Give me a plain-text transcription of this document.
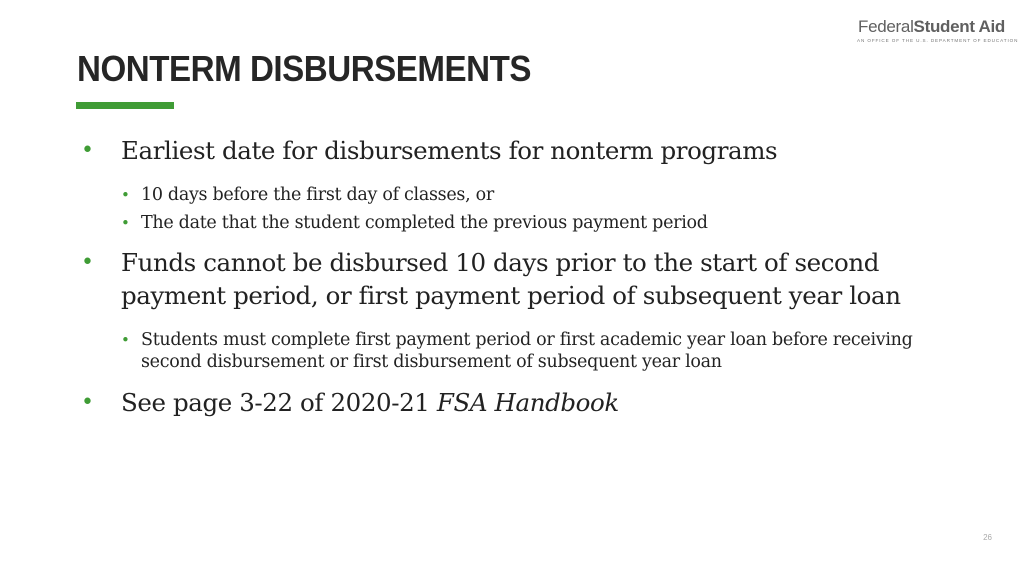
FederalStudent Aid
AN OFFICE OF THE U.S. DEPARTMENT OF EDUCATION
NONTERM DISBURSEMENTS
• Earliest date for disbursements for nonterm programs
• 10 days before the first day of classes, or
• The date that the student completed the previous payment period
• Funds cannot be disbursed 10 days prior to the start of second payment period, or first payment period of subsequent year loan
• Students must complete first payment period or first academic year loan before receiving second disbursement or first disbursement of subsequent year loan
• See page 3-22 of 2020-21 FSA Handbook
26
